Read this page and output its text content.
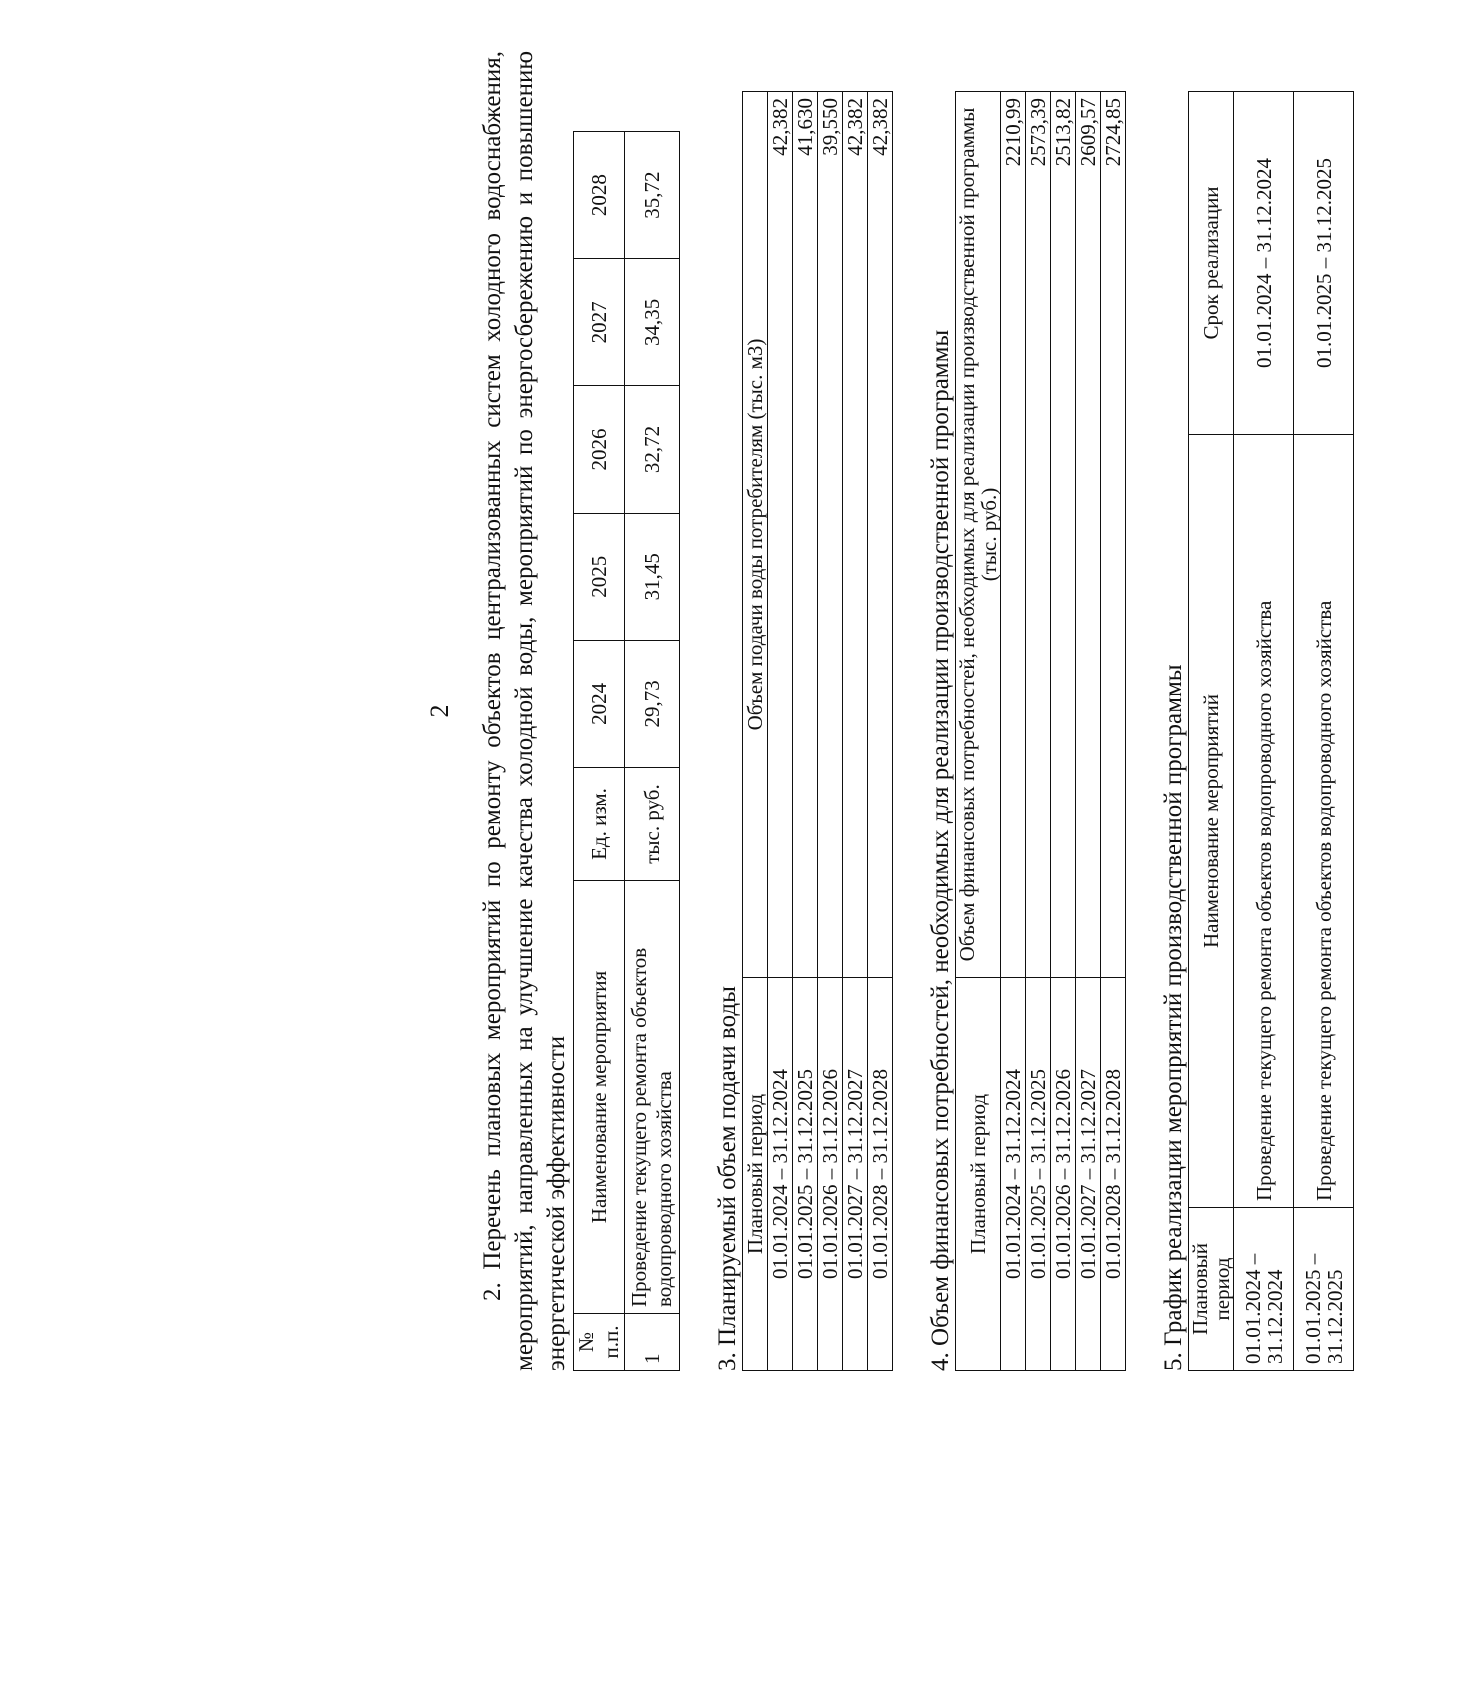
2	2. Перечень плановых мероприятий по ремонту объектов централизованных систем холодного водоснабжения, мероприятий, направленных на улучшение качества холодной воды, мероприятий по энергосбережению и повышению энергетической эффективности № п.п.	Наименование мероприятия	Ед. изм.	2024	2025	2026	2027	2028
1	Проведение текущего ремонта объектов водопроводного хозяйства	тыс. руб.	29,73	31,45	32,72	34,35	35,72
3. Планируемый объем подачи воды Плановый период	Объем подачи воды потребителям (тыс. м3)
01.01.2024 – 31.12.2024	42,382
01.01.2025 – 31.12.2025	41,630
01.01.2026 – 31.12.2026	39,550
01.01.2027 – 31.12.2027	42,382
01.01.2028 – 31.12.2028	42,382
4. Объем финансовых потребностей, необходимых для реализации производственной программы Плановый период	Объем финансовых потребностей, необходимых для реализации производственной программы (тыс. руб.)
01.01.2024 – 31.12.2024	2210,99
01.01.2025 – 31.12.2025	2573,39
01.01.2026 – 31.12.2026	2513,82
01.01.2027 – 31.12.2027	2609,57
01.01.2028 – 31.12.2028	2724,85
5. График реализации мероприятий производственной программы Плановый период	Наименование мероприятий	Срок реализации
01.01.2024 – 31.12.2024	Проведение текущего ремонта объектов водопроводного хозяйства	01.01.2024 – 31.12.2024
01.01.2025 – 31.12.2025	Проведение текущего ремонта объектов водопроводного хозяйства	01.01.2025 – 31.12.2025
